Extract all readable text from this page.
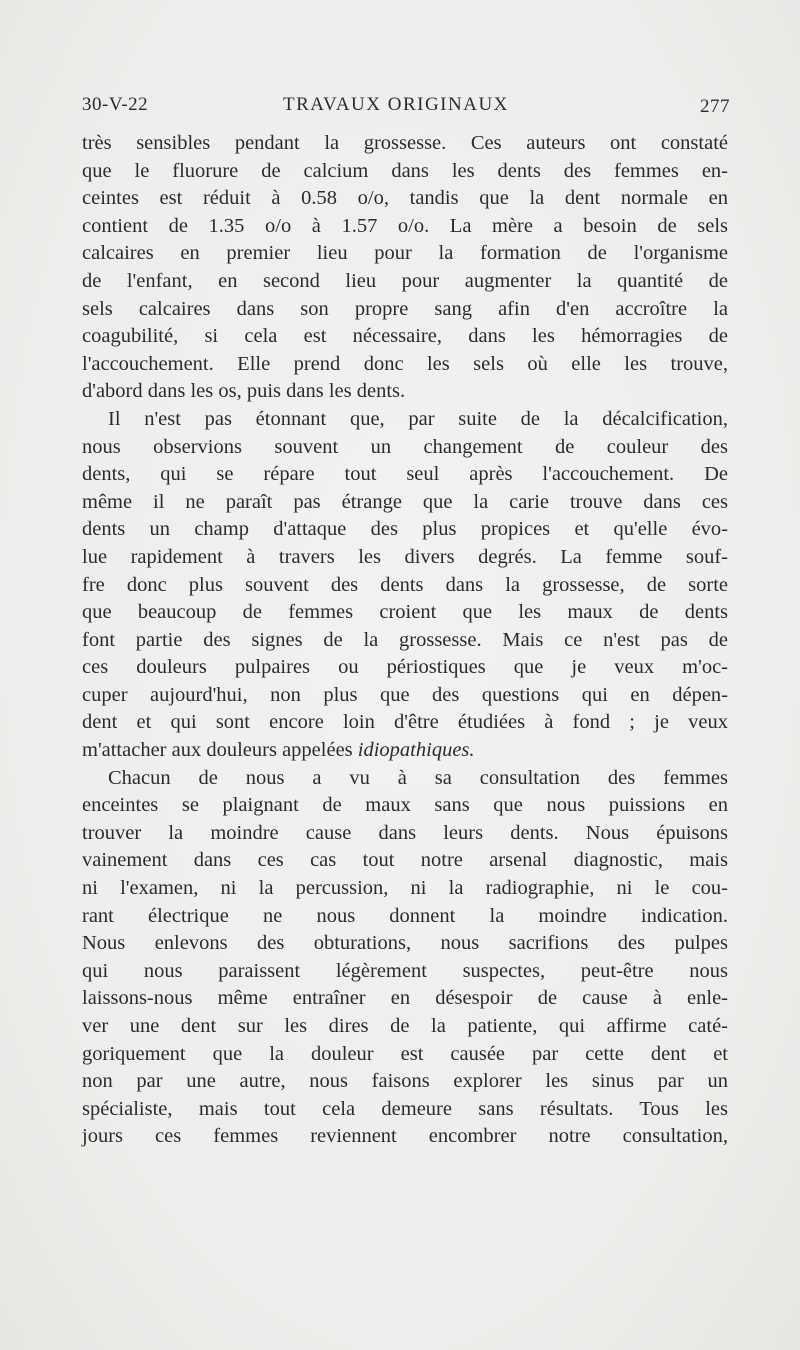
30-V-22	TRAVAUX ORIGINAUX	277
très sensibles pendant la grossesse. Ces auteurs ont constaté
que le fluorure de calcium dans les dents des femmes en-
ceintes est réduit à 0.58 o/o, tandis que la dent normale en
contient de 1.35 o/o à 1.57 o/o. La mère a besoin de sels
calcaires en premier lieu pour la formation de l'organisme
de l'enfant, en second lieu pour augmenter la quantité de
sels calcaires dans son propre sang afin d'en accroître la
coagubilité, si cela est nécessaire, dans les hémorragies de
l'accouchement. Elle prend donc les sels où elle les trouve,
d'abord dans les os, puis dans les dents.
Il n'est pas étonnant que, par suite de la décalcification,
nous observions souvent un changement de couleur des
dents, qui se répare tout seul après l'accouchement. De
même il ne paraît pas étrange que la carie trouve dans ces
dents un champ d'attaque des plus propices et qu'elle évo-
lue rapidement à travers les divers degrés. La femme souf-
fre donc plus souvent des dents dans la grossesse, de sorte
que beaucoup de femmes croient que les maux de dents
font partie des signes de la grossesse. Mais ce n'est pas de
ces douleurs pulpaires ou périostiques que je veux m'oc-
cuper aujourd'hui, non plus que des questions qui en dépen-
dent et qui sont encore loin d'être étudiées à fond ; je veux
m'attacher aux douleurs appelées idiopathiques.
Chacun de nous a vu à sa consultation des femmes
enceintes se plaignant de maux sans que nous puissions en
trouver la moindre cause dans leurs dents. Nous épuisons
vainement dans ces cas tout notre arsenal diagnostic, mais
ni l'examen, ni la percussion, ni la radiographie, ni le cou-
rant électrique ne nous donnent la moindre indication.
Nous enlevons des obturations, nous sacrifions des pulpes
qui nous paraissent légèrement suspectes, peut-être nous
laissons-nous même entraîner en désespoir de cause à enle-
ver une dent sur les dires de la patiente, qui affirme caté-
goriquement que la douleur est causée par cette dent et
non par une autre, nous faisons explorer les sinus par un
spécialiste, mais tout cela demeure sans résultats. Tous les
jours ces femmes reviennent encombrer notre consultation,
